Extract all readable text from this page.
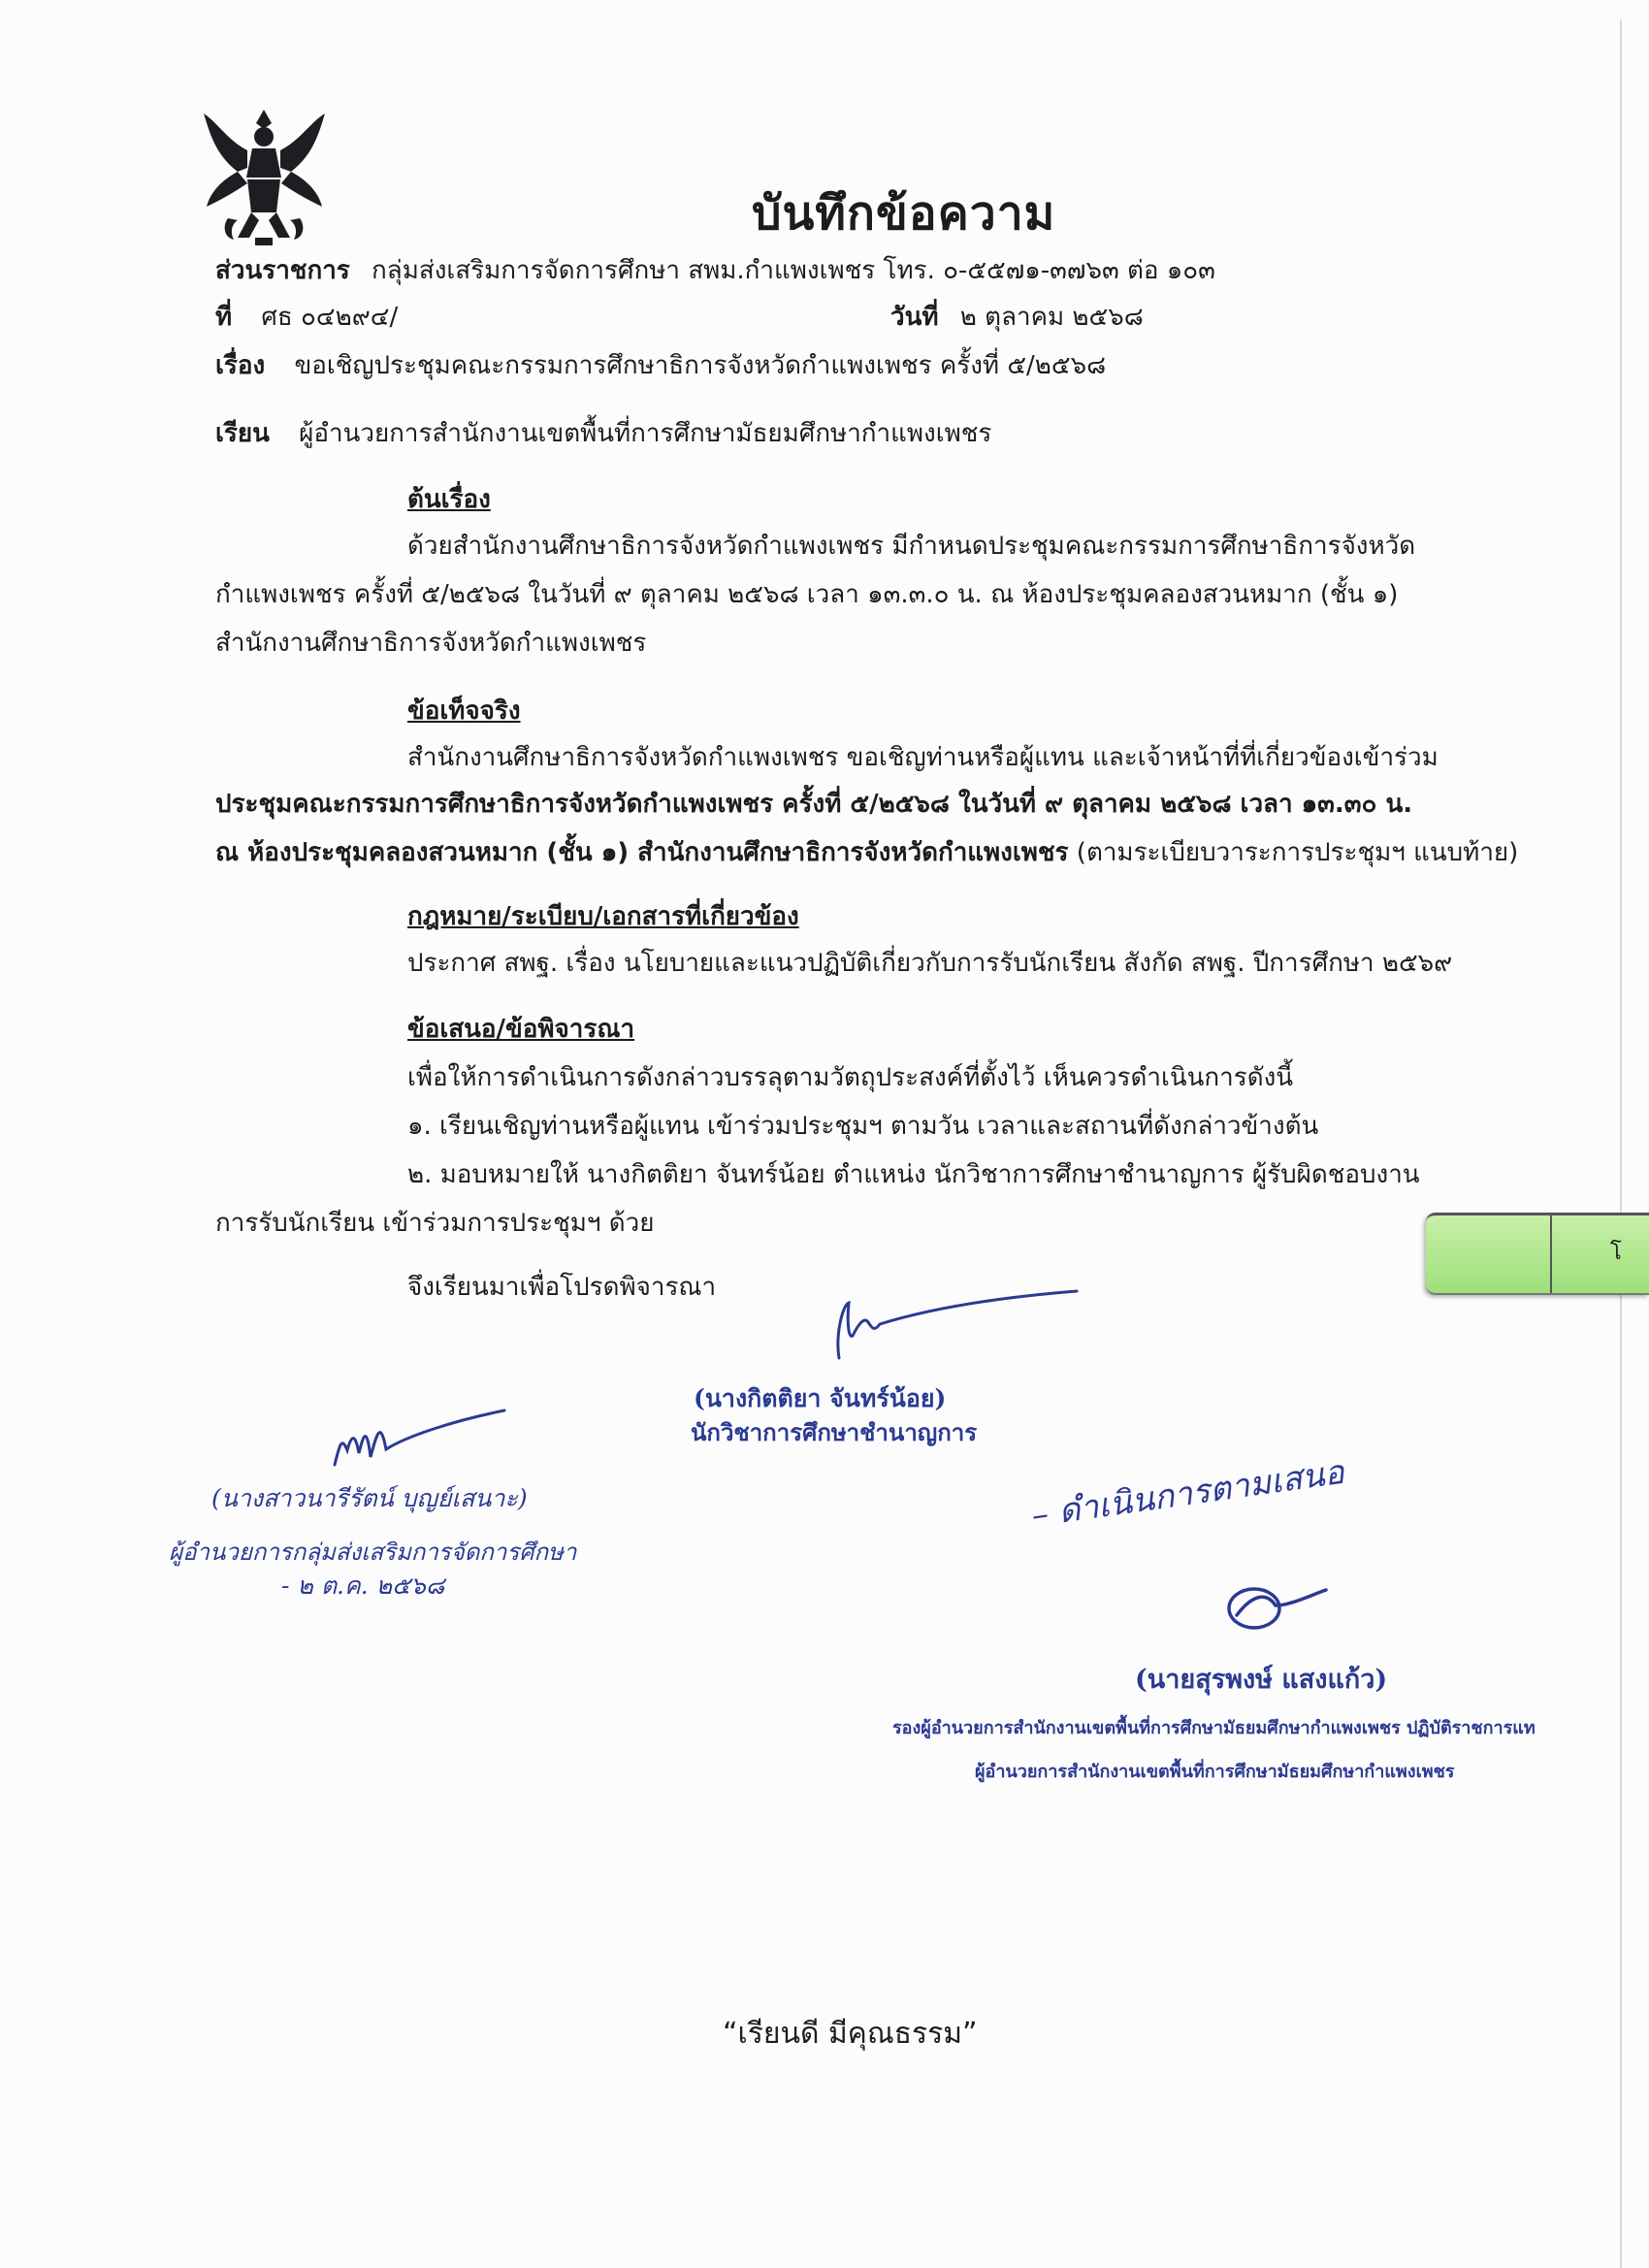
บันทึกข้อความ
ส่วนราชการ กลุ่มส่งเสริมการจัดการศึกษา สพม.กำแพงเพชร โทร. ๐-๕๕๗๑-๓๗๖๓ ต่อ ๑๐๓
ที่ ศธ ๐๔๒๙๔/	วันที่ ๒ ตุลาคม ๒๕๖๘
เรื่อง ขอเชิญประชุมคณะกรรมการศึกษาธิการจังหวัดกำแพงเพชร ครั้งที่ ๕/๒๕๖๘
เรียน ผู้อำนวยการสำนักงานเขตพื้นที่การศึกษามัธยมศึกษากำแพงเพชร
ต้นเรื่อง
ด้วยสำนักงานศึกษาธิการจังหวัดกำแพงเพชร มีกำหนดประชุมคณะกรรมการศึกษาธิการจังหวัด
กำแพงเพชร ครั้งที่ ๕/๒๕๖๘ ในวันที่ ๙ ตุลาคม ๒๕๖๘ เวลา ๑๓.๓.๐ น. ณ ห้องประชุมคลองสวนหมาก (ชั้น ๑)
สำนักงานศึกษาธิการจังหวัดกำแพงเพชร
ข้อเท็จจริง
สำนักงานศึกษาธิการจังหวัดกำแพงเพชร ขอเชิญท่านหรือผู้แทน และเจ้าหน้าที่ที่เกี่ยวข้องเข้าร่วม
ประชุมคณะกรรมการศึกษาธิการจังหวัดกำแพงเพชร ครั้งที่ ๕/๒๕๖๘ ในวันที่ ๙ ตุลาคม ๒๕๖๘ เวลา ๑๓.๓๐ น.
ณ ห้องประชุมคลองสวนหมาก (ชั้น ๑) สำนักงานศึกษาธิการจังหวัดกำแพงเพชร (ตามระเบียบวาระการประชุมฯ แนบท้าย)
กฎหมาย/ระเบียบ/เอกสารที่เกี่ยวข้อง
ประกาศ สพฐ. เรื่อง นโยบายและแนวปฏิบัติเกี่ยวกับการรับนักเรียน สังกัด สพฐ. ปีการศึกษา ๒๕๖๙
ข้อเสนอ/ข้อพิจารณา
เพื่อให้การดำเนินการดังกล่าวบรรลุตามวัตถุประสงค์ที่ตั้งไว้ เห็นควรดำเนินการดังนี้
๑. เรียนเชิญท่านหรือผู้แทน เข้าร่วมประชุมฯ ตามวัน เวลาและสถานที่ดังกล่าวข้างต้น
๒. มอบหมายให้ นางกิตติยา จันทร์น้อย ตำแหน่ง นักวิชาการศึกษาชำนาญการ ผู้รับผิดชอบงาน
การรับนักเรียน เข้าร่วมการประชุมฯ ด้วย
จึงเรียนมาเพื่อโปรดพิจารณา
โ
(นางกิตติยา จันทร์น้อย)
นักวิชาการศึกษาชำนาญการ
(นางสาวนารีรัตน์ บุญย์เสนาะ)
ผู้อำนวยการกลุ่มส่งเสริมการจัดการศึกษา
- ๒ ต.ค. ๒๕๖๘
– ดำเนินการตามเสนอ
(นายสุรพงษ์ แสงแก้ว)
รองผู้อำนวยการสำนักงานเขตพื้นที่การศึกษามัธยมศึกษากำแพงเพชร ปฏิบัติราชการแท
ผู้อำนวยการสำนักงานเขตพื้นที่การศึกษามัธยมศึกษากำแพงเพชร
“เรียนดี มีคุณธรรม”
